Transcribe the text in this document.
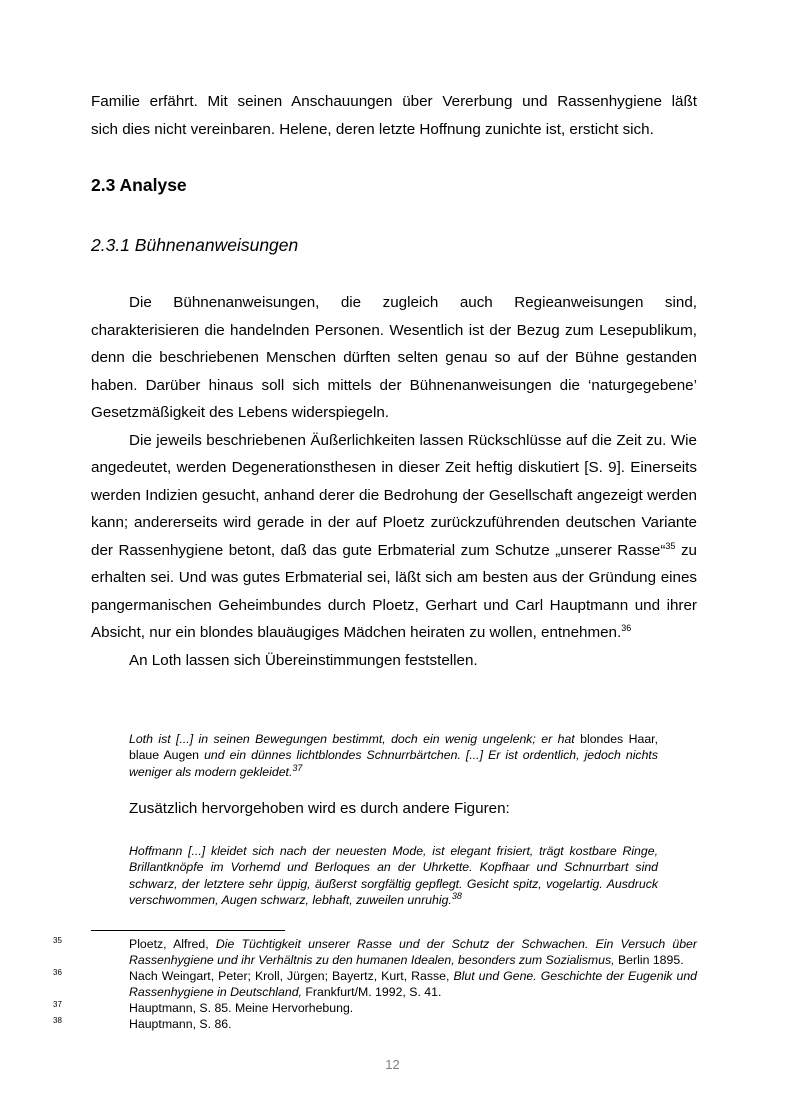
Familie erfährt. Mit seinen Anschauungen über Vererbung und Rassenhygiene läßt

sich dies nicht vereinbaren. Helene, deren letzte Hoffnung zunichte ist, ersticht sich.

2.3 Analyse
2.3.1 Bühnenanweisungen

Die Bühnenanweisungen, die zugleich auch Regieanweisungen sind, charakterisieren die handelnden Personen. Wesentlich ist der Bezug zum Lesepublikum, denn die beschriebenen Menschen dürften selten genau so auf der Bühne gestanden haben. Darüber hinaus soll sich mittels der Bühnenanweisungen die ‘naturgegebene’ Gesetzmäßigkeit des Lebens widerspiegeln.

Die jeweils beschriebenen Äußerlichkeiten lassen Rückschlüsse auf die Zeit zu. Wie angedeutet, werden Degenerationsthesen in dieser Zeit heftig diskutiert [S. 9]. Einerseits werden Indizien gesucht, anhand derer die Bedrohung der Gesellschaft angezeigt werden kann; andererseits wird gerade in der auf Ploetz zurückzuführenden deutschen Variante der Rassenhygiene betont, daß das gute Erbmaterial zum Schutze „unserer Rasse“$^{35}$ zu erhalten sei. Und was gutes Erbmaterial sei, läßt sich am besten aus der Gründung eines pangermanischen Geheimbundes durch Ploetz, Gerhart und Carl Hauptmann und ihrer Absicht, nur ein blondes blauäugiges Mädchen heiraten zu wollen, entnehmen.$^{36}$

An Loth lassen sich Übereinstimmungen feststellen.

Loth ist [...] in seinen Bewegungen bestimmt, doch ein wenig ungelenk; er hat blondes Haar, blaue Augen und ein dünnes lichtblondes Schnurrbärtchen. [...] Er ist ordentlich, jedoch nichts weniger als modern gekleidet.$^{37}$

Zusätzlich hervorgehoben wird es durch andere Figuren:

Hoffmann [...] kleidet sich nach der neuesten Mode, ist elegant frisiert, trägt kostbare Ringe, Brillantknöpfe im Vorhemd und Berloques an der Uhrkette. Kopfhaar und Schnurrbart sind schwarz, der letztere sehr üppig, äußerst sorgfältig gepflegt. Gesicht spitz, vogelartig. Ausdruck verschwommen, Augen schwarz, lebhaft, zuweilen unruhig.$^{38}$

$^{35}$	Ploetz, Alfred, Die Tüchtigkeit unserer Rasse und der Schutz der Schwachen. Ein Versuch über Rassenhygiene und ihr Verhältnis zu den humanen Idealen, besonders zum Sozialismus, Berlin 1895.

$^{36}$	Nach Weingart, Peter; Kroll, Jürgen; Bayertz, Kurt, Rasse, Blut und Gene. Geschichte der Eugenik und Rassenhygiene in Deutschland, Frankfurt/M. 1992, S. 41.

$^{37}$	Hauptmann, S. 85. Meine Hervorhebung.

$^{38}$	Hauptmann, S. 86.

12
